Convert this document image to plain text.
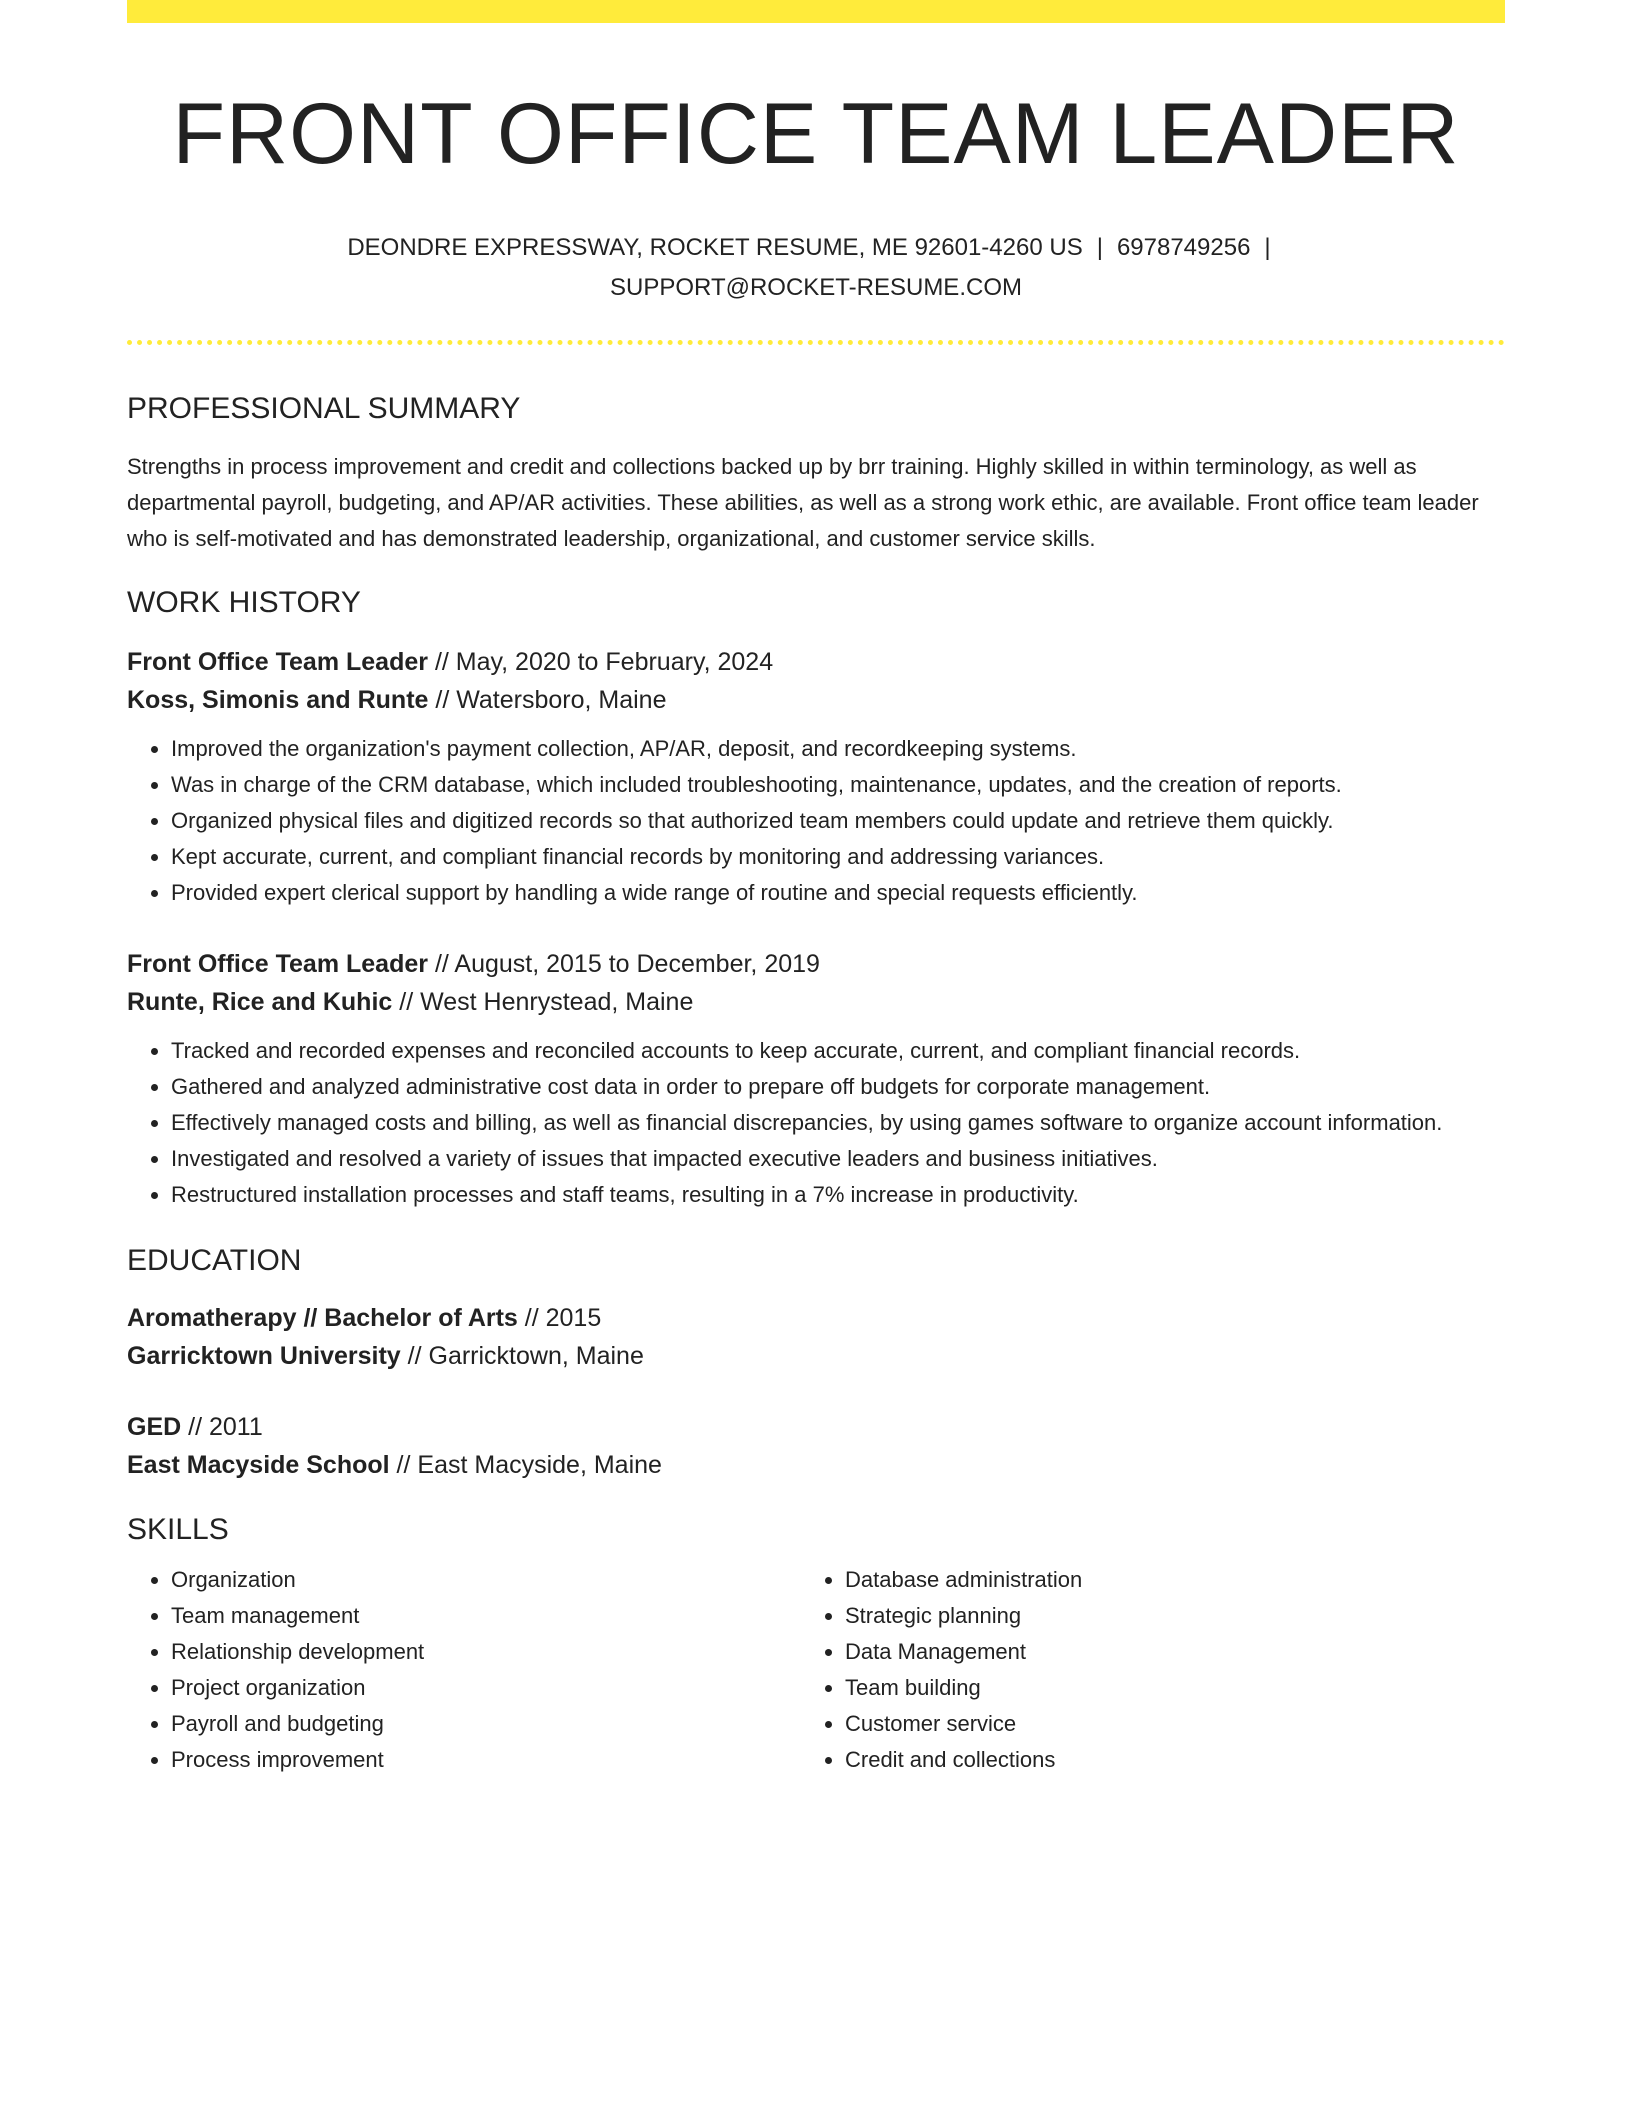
FRONT OFFICE TEAM LEADER
DEONDRE EXPRESSWAY, ROCKET RESUME, ME 92601-4260 US | 6978749256 |
SUPPORT@ROCKET-RESUME.COM
PROFESSIONAL SUMMARY

Strengths in process improvement and credit and collections backed up by brr training. Highly skilled in within terminology, as well as departmental payroll, budgeting, and AP/AR activities. These abilities, as well as a strong work ethic, are available. Front office team leader who is self-motivated and has demonstrated leadership, organizational, and customer service skills.

WORK HISTORY

Front Office Team Leader // May, 2020 to February, 2024

Koss, Simonis and Runte // Watersboro, Maine

• Improved the organization's payment collection, AP/AR, deposit, and recordkeeping systems.
• Was in charge of the CRM database, which included troubleshooting, maintenance, updates, and the creation of reports.
• Organized physical files and digitized records so that authorized team members could update and retrieve them quickly.
• Kept accurate, current, and compliant financial records by monitoring and addressing variances.
• Provided expert clerical support by handling a wide range of routine and special requests efficiently.

Front Office Team Leader // August, 2015 to December, 2019

Runte, Rice and Kuhic // West Henrystead, Maine

• Tracked and recorded expenses and reconciled accounts to keep accurate, current, and compliant financial records.
• Gathered and analyzed administrative cost data in order to prepare off budgets for corporate management.
• Effectively managed costs and billing, as well as financial discrepancies, by using games software to organize account information.
• Investigated and resolved a variety of issues that impacted executive leaders and business initiatives.
• Restructured installation processes and staff teams, resulting in a 7% increase in productivity.
EDUCATION

Aromatherapy // Bachelor of Arts // 2015

Garricktown University // Garricktown, Maine

GED // 2011

East Macyside School // East Macyside, Maine

SKILLS
• Organization
• Team management
• Relationship development
• Project organization
• Payroll and budgeting
• Process improvement
• Database administration
• Strategic planning
• Data Management
• Team building
• Customer service
• Credit and collections
